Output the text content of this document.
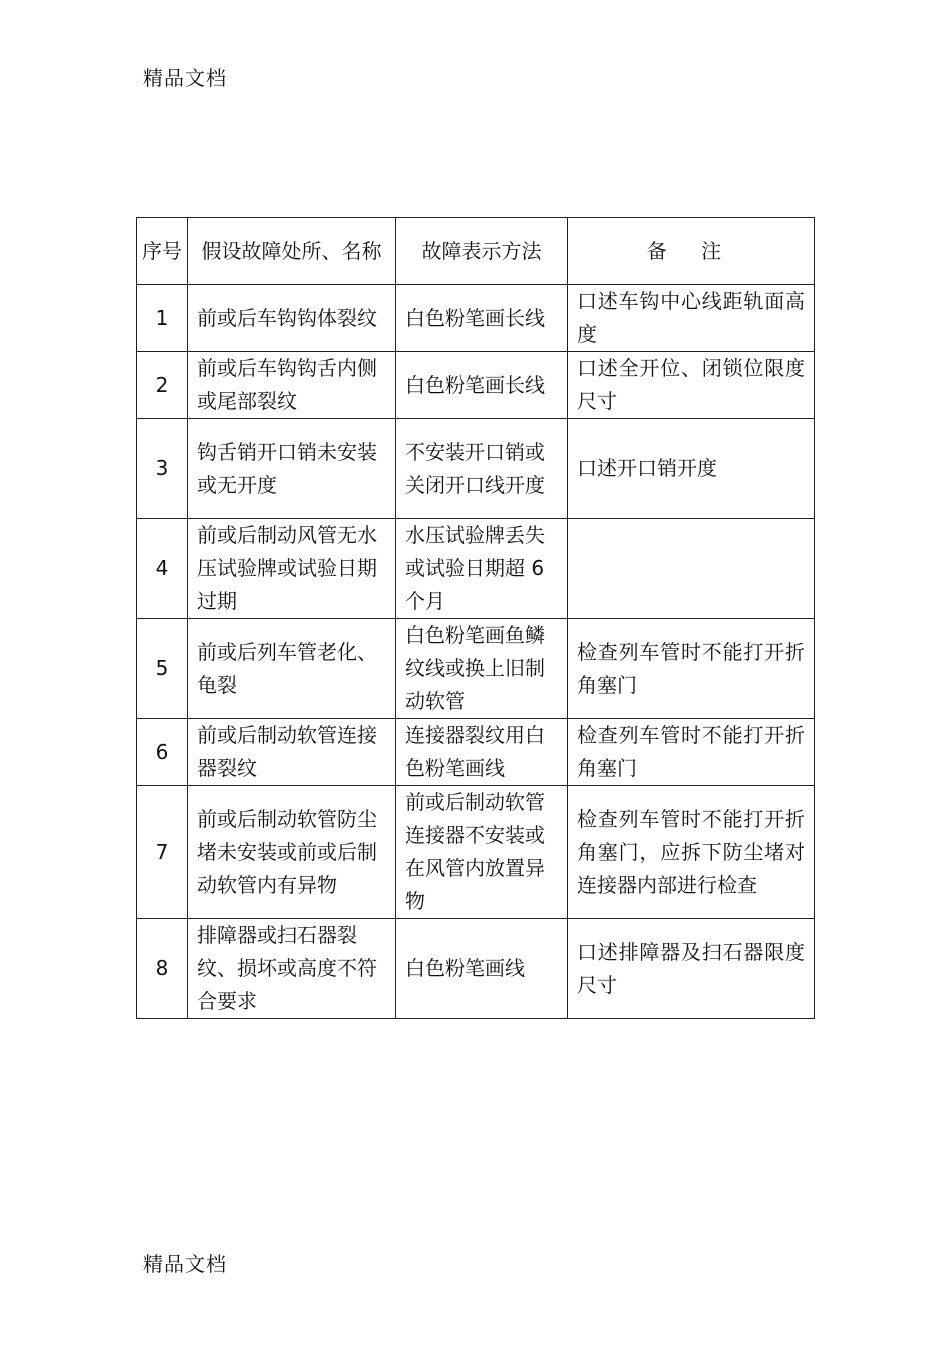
精品文档
序号	假设故障处所、名称	故障表示方法	备 注
1	前或后车钩钩体裂纹	白色粉笔画长线	口述车钩中心线距轨面高度
2	前或后车钩钩舌内侧或尾部裂纹	白色粉笔画长线	口述全开位、闭锁位限度尺寸
3	钩舌销开口销未安装或无开度	不安装开口销或关闭开口线开度	口述开口销开度
4	前或后制动风管无水压试验牌或试验日期过期	水压试验牌丢失或试验日期超 6 个月	
5	前或后列车管老化、龟裂	白色粉笔画鱼鳞纹线或换上旧制动软管	检查列车管时不能打开折角塞门
6	前或后制动软管连接器裂纹	连接器裂纹用白色粉笔画线	检查列车管时不能打开折角塞门
7	前或后制动软管防尘堵未安装或前或后制动软管内有异物	前或后制动软管连接器不安装或在风管内放置异物	检查列车管时不能打开折角塞门，应拆下防尘堵对连接器内部进行检查
8	排障器或扫石器裂纹、损坏或高度不符合要求	白色粉笔画线	口述排障器及扫石器限度尺寸
精品文档
